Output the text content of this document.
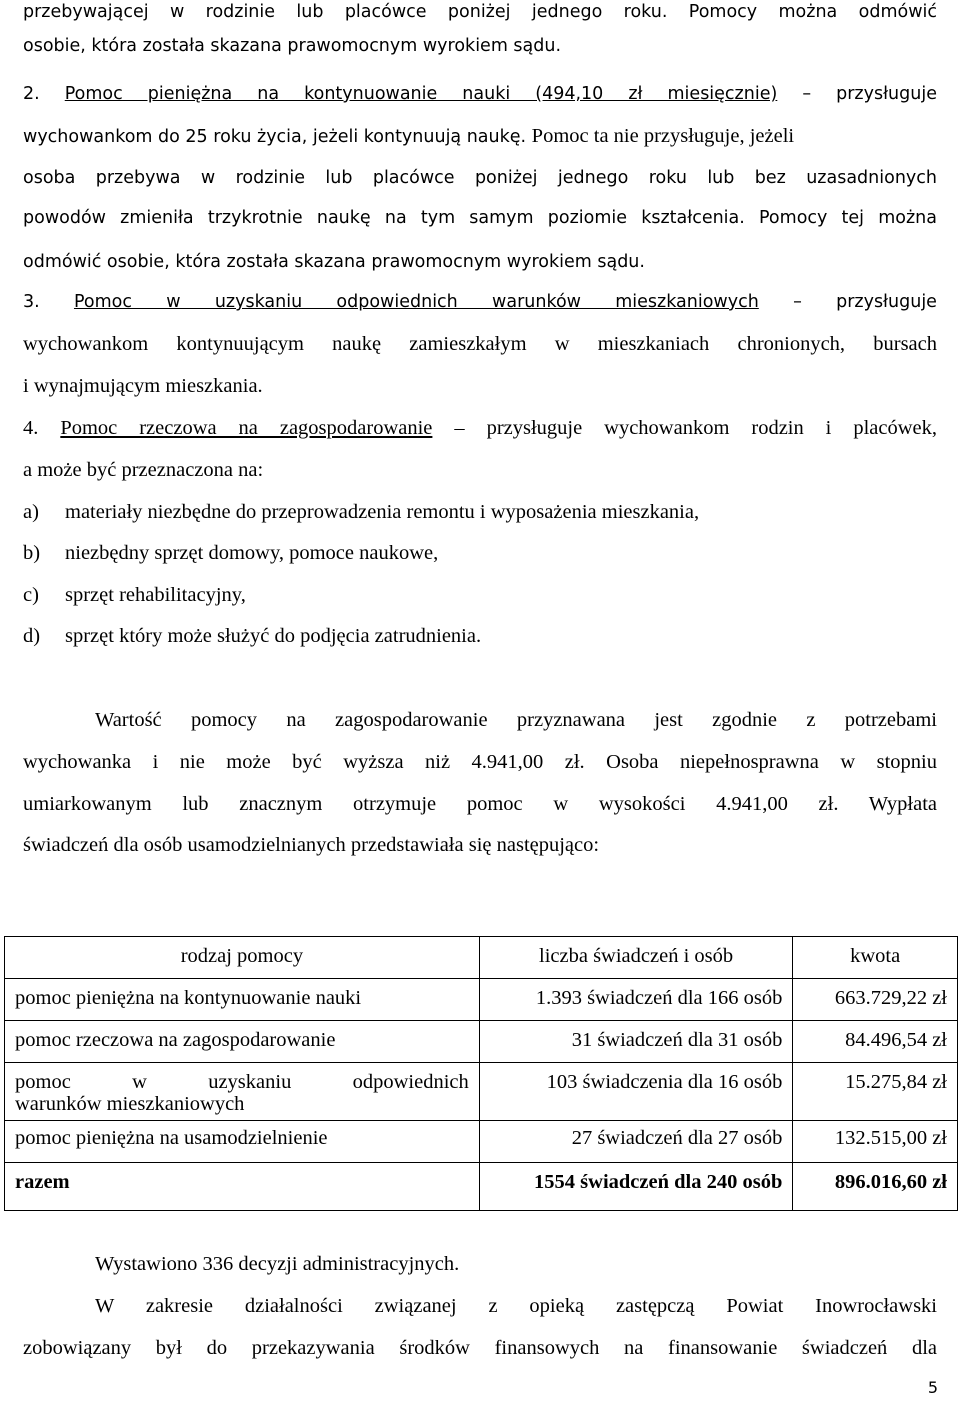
przebywającej w rodzinie lub placówce poniżej jednego roku. Pomocy można odmówić
osobie, która została skazana prawomocnym wyrokiem sądu.
2. Pomoc pieniężna na kontynuowanie nauki (494,10 zł miesięcznie) – przysługuje
wychowankom do 25 roku życia, jeżeli kontynuują naukę. Pomoc ta nie przysługuje, jeżeli
osoba przebywa w rodzinie lub placówce poniżej jednego roku lub bez uzasadnionych
powodów zmieniła trzykrotnie naukę na tym samym poziomie kształcenia. Pomocy tej można
odmówić osobie, która została skazana prawomocnym wyrokiem sądu.
3. Pomoc w uzyskaniu odpowiednich warunków mieszkaniowych – przysługuje
wychowankom kontynuującym naukę zamieszkałym w mieszkaniach chronionych, bursach
i wynajmującym mieszkania.
4. Pomoc rzeczowa na zagospodarowanie – przysługuje wychowankom rodzin i placówek,
a może być przeznaczona na:
a) materiały niezbędne do przeprowadzenia remontu i wyposażenia mieszkania,
b) niezbędny sprzęt domowy, pomoce naukowe,
c) sprzęt rehabilitacyjny,
d) sprzęt który może służyć do podjęcia zatrudnienia.
Wartość pomocy na zagospodarowanie przyznawana jest zgodnie z potrzebami
wychowanka i nie może być wyższa niż 4.941,00 zł. Osoba niepełnosprawna w stopniu
umiarkowanym lub znacznym otrzymuje pomoc w wysokości 4.941,00 zł. Wypłata
świadczeń dla osób usamodzielnianych przedstawiała się następująco:
rodzaj pomocy	liczba świadczeń i osób	kwota
pomoc pieniężna na kontynuowanie nauki	1.393 świadczeń dla 166 osób	663.729,22 zł
pomoc rzeczowa na zagospodarowanie	31 świadczeń dla 31 osób	84.496,54 zł

pomoc w uzyskaniu odpowiednich
warunków mieszkaniowych	103 świadczenia dla 16 osób	15.275,84 zł
pomoc pieniężna na usamodzielnienie	27 świadczeń dla 27 osób	132.515,00 zł
razem	1554 świadczeń dla 240 osób	896.016,60 zł
Wystawiono 336 decyzji administracyjnych.
W zakresie działalności związanej z opieką zastępczą Powiat Inowrocławski
zobowiązany był do przekazywania środków finansowych na finansowanie świadczeń dla
5
